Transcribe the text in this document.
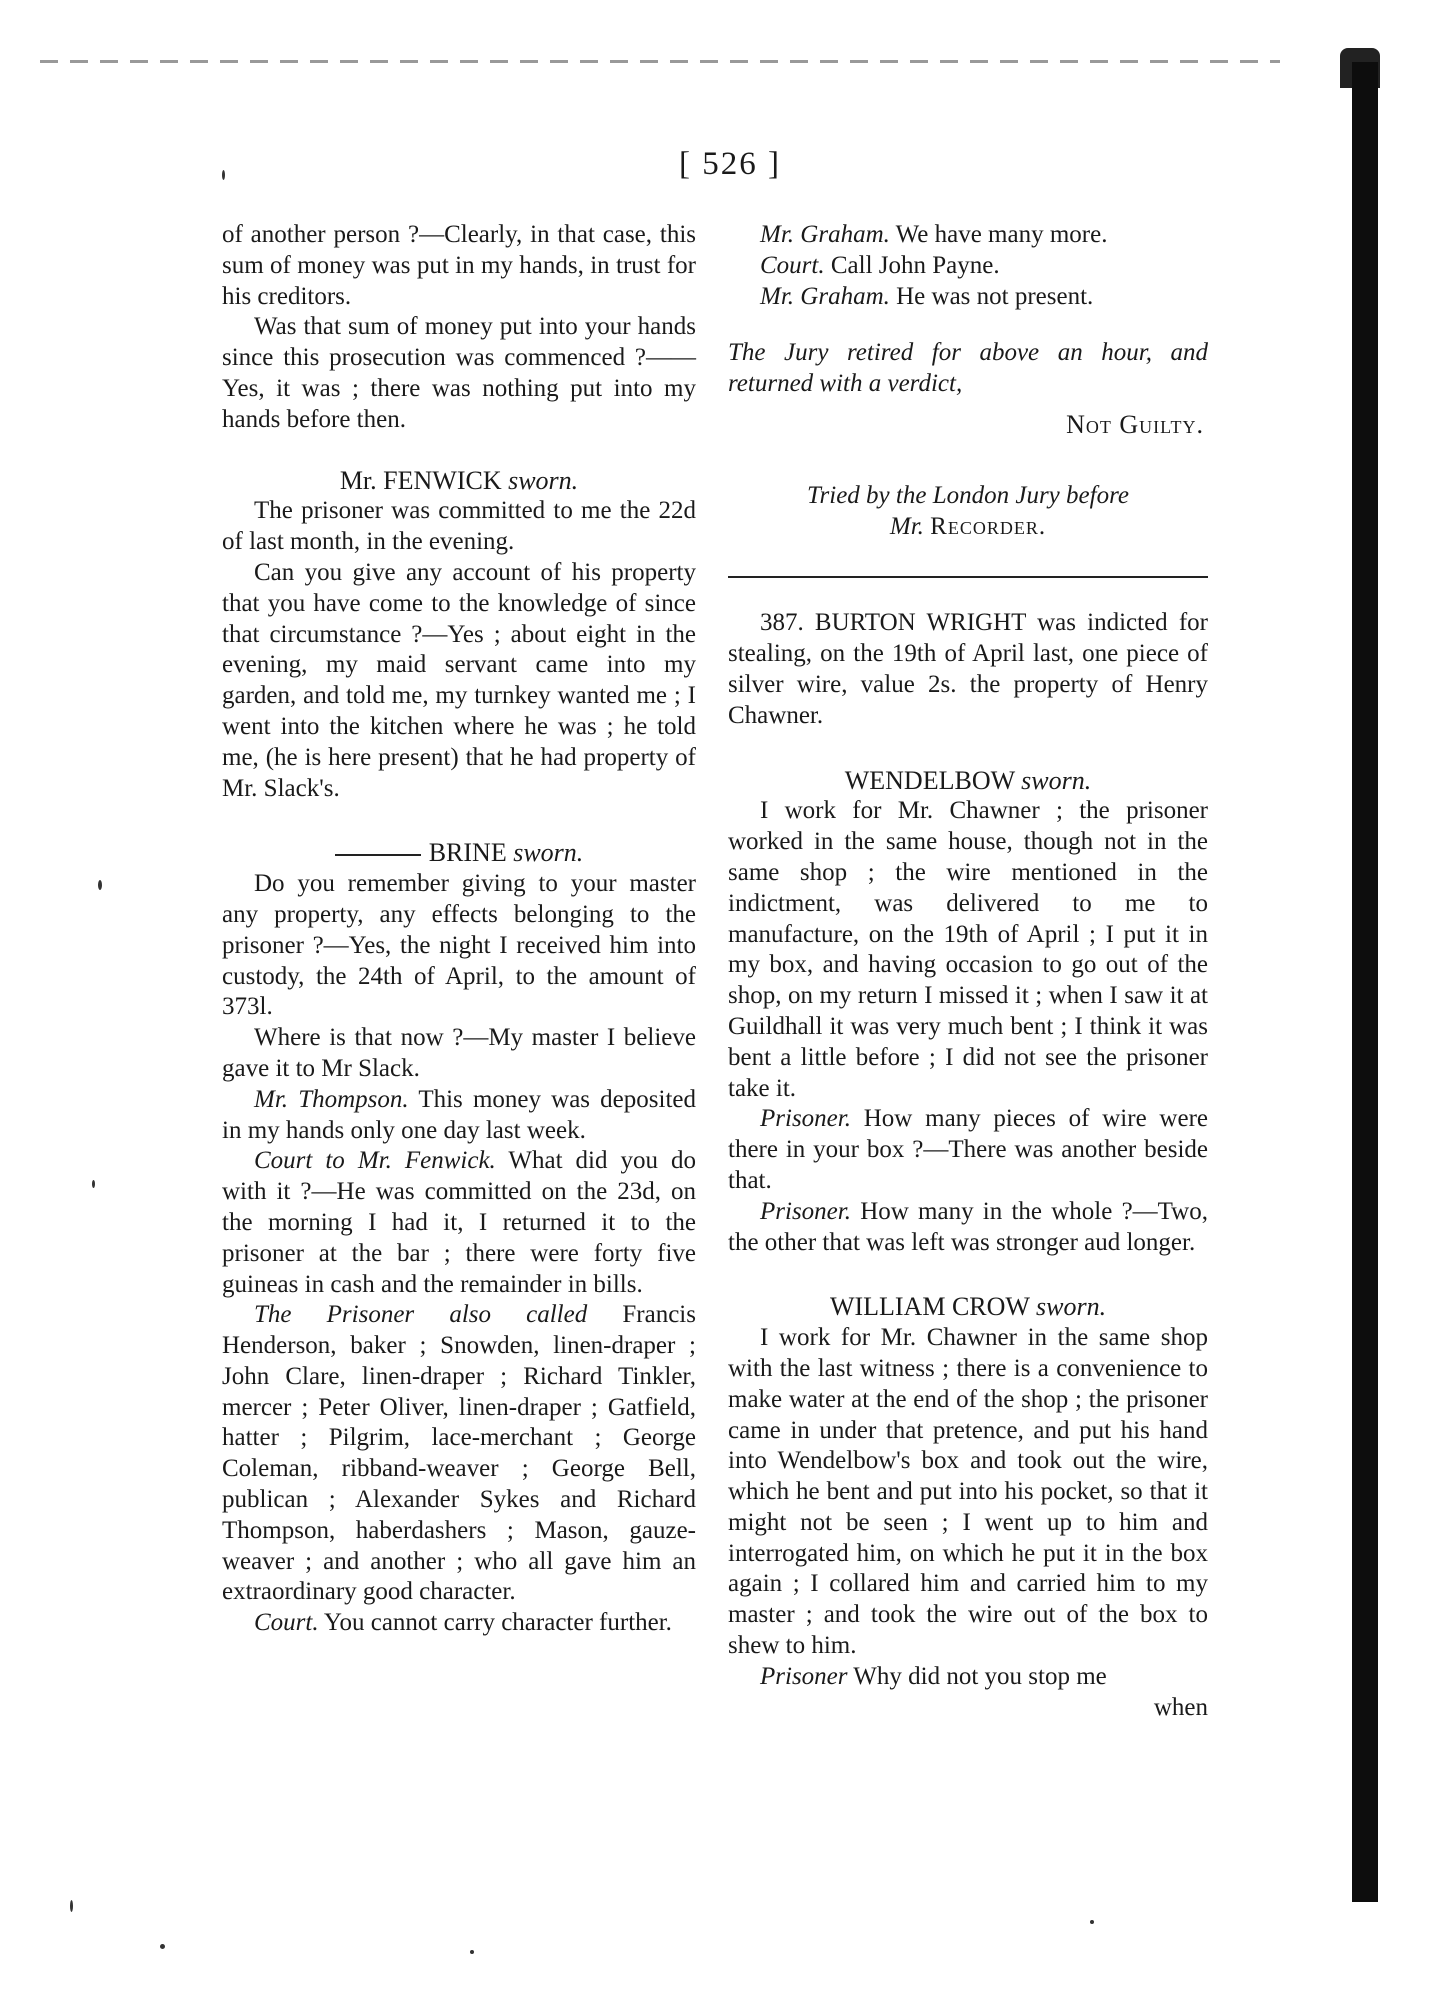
[ 526 ]

of another person ?—Clearly, in that case, this sum of money was put in my hands, in trust for his creditors.

Was that sum of money put into your hands since this prosecution was commenced ?——Yes, it was ; there was nothing put into my hands before then.

Mr. FENWICK sworn.

The prisoner was committed to me the 22d of last month, in the evening.

Can you give any account of his property that you have come to the knowledge of since that circumstance ?—Yes ; about eight in the evening, my maid servant came into my garden, and told me, my turnkey wanted me ; I went into the kitchen where he was ; he told me, (he is here present) that he had property of Mr. Slack's.

BRINE sworn.

Do you remember giving to your master any property, any effects belonging to the prisoner ?—Yes, the night I received him into custody, the 24th of April, to the amount of 373l.

Where is that now ?—My master I believe gave it to Mr Slack.

Mr. Thompson. This money was deposited in my hands only one day last week.

Court to Mr. Fenwick. What did you do with it ?—He was committed on the 23d, on the morning I had it, I returned it to the prisoner at the bar ; there were forty five guineas in cash and the remainder in bills.

The Prisoner also called Francis Henderson, baker ; Snowden, linen-draper ; John Clare, linen-draper ; Richard Tinkler, mercer ; Peter Oliver, linen-draper ; Gatfield, hatter ; Pilgrim, lace-merchant ; George Coleman, ribband-weaver ; George Bell, publican ; Alexander Sykes and Richard Thompson, haberdashers ; Mason, gauze-weaver ; and another ; who all gave him an extraordinary good character.

Court. You cannot carry character further.

Mr. Graham. We have many more.

Court. Call John Payne.

Mr. Graham. He was not present.

The Jury retired for above an hour, and returned with a verdict,

Not Guilty.
Tried by the London Jury before
Mr. Recorder.

387. BURTON WRIGHT was indicted for stealing, on the 19th of April last, one piece of silver wire, value 2s. the property of Henry Chawner.

WENDELBOW sworn.

I work for Mr. Chawner ; the prisoner worked in the same house, though not in the same shop ; the wire mentioned in the indictment, was delivered to me to manufacture, on the 19th of April ; I put it in my box, and having occasion to go out of the shop, on my return I missed it ; when I saw it at Guildhall it was very much bent ; I think it was bent a little before ; I did not see the prisoner take it.

Prisoner. How many pieces of wire were there in your box ?—There was another beside that.

Prisoner. How many in the whole ?—Two, the other that was left was stronger aud longer.

WILLIAM CROW sworn.

I work for Mr. Chawner in the same shop with the last witness ; there is a convenience to make water at the end of the shop ; the prisoner came in under that pretence, and put his hand into Wendelbow's box and took out the wire, which he bent and put into his pocket, so that it might not be seen ; I went up to him and interrogated him, on which he put it in the box again ; I collared him and carried him to my master ; and took the wire out of the box to shew to him.

Prisoner Why did not you stop me

when
